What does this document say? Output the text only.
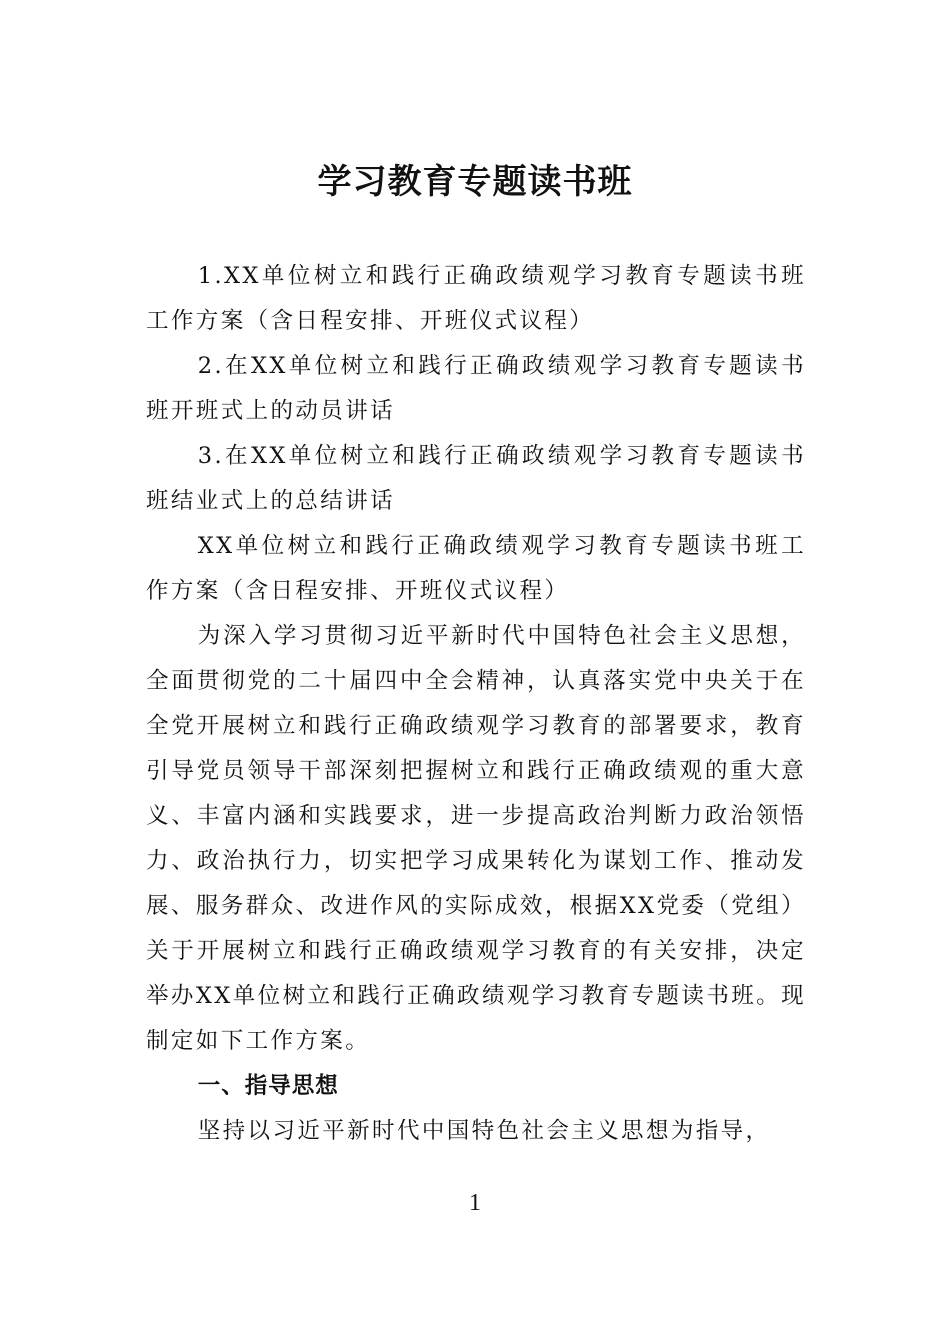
学习教育专题读书班

1.XX单位树立和践行正确政绩观学习教育专题读书班工作方案（含日程安排、开班仪式议程）

2.在XX单位树立和践行正确政绩观学习教育专题读书班开班式上的动员讲话

3.在XX单位树立和践行正确政绩观学习教育专题读书班结业式上的总结讲话

XX单位树立和践行正确政绩观学习教育专题读书班工作方案（含日程安排、开班仪式议程）

为深入学习贯彻习近平新时代中国特色社会主义思想，全面贯彻党的二十届四中全会精神，认真落实党中央关于在全党开展树立和践行正确政绩观学习教育的部署要求，教育引导党员领导干部深刻把握树立和践行正确政绩观的重大意义、丰富内涵和实践要求，进一步提高政治判断力政治领悟力、政治执行力，切实把学习成果转化为谋划工作、推动发展、服务群众、改进作风的实际成效，根据XX党委（党组）关于开展树立和践行正确政绩观学习教育的有关安排，决定举办XX单位树立和践行正确政绩观学习教育专题读书班。现制定如下工作方案。

一、指导思想

坚持以习近平新时代中国特色社会主义思想为指导，

1
